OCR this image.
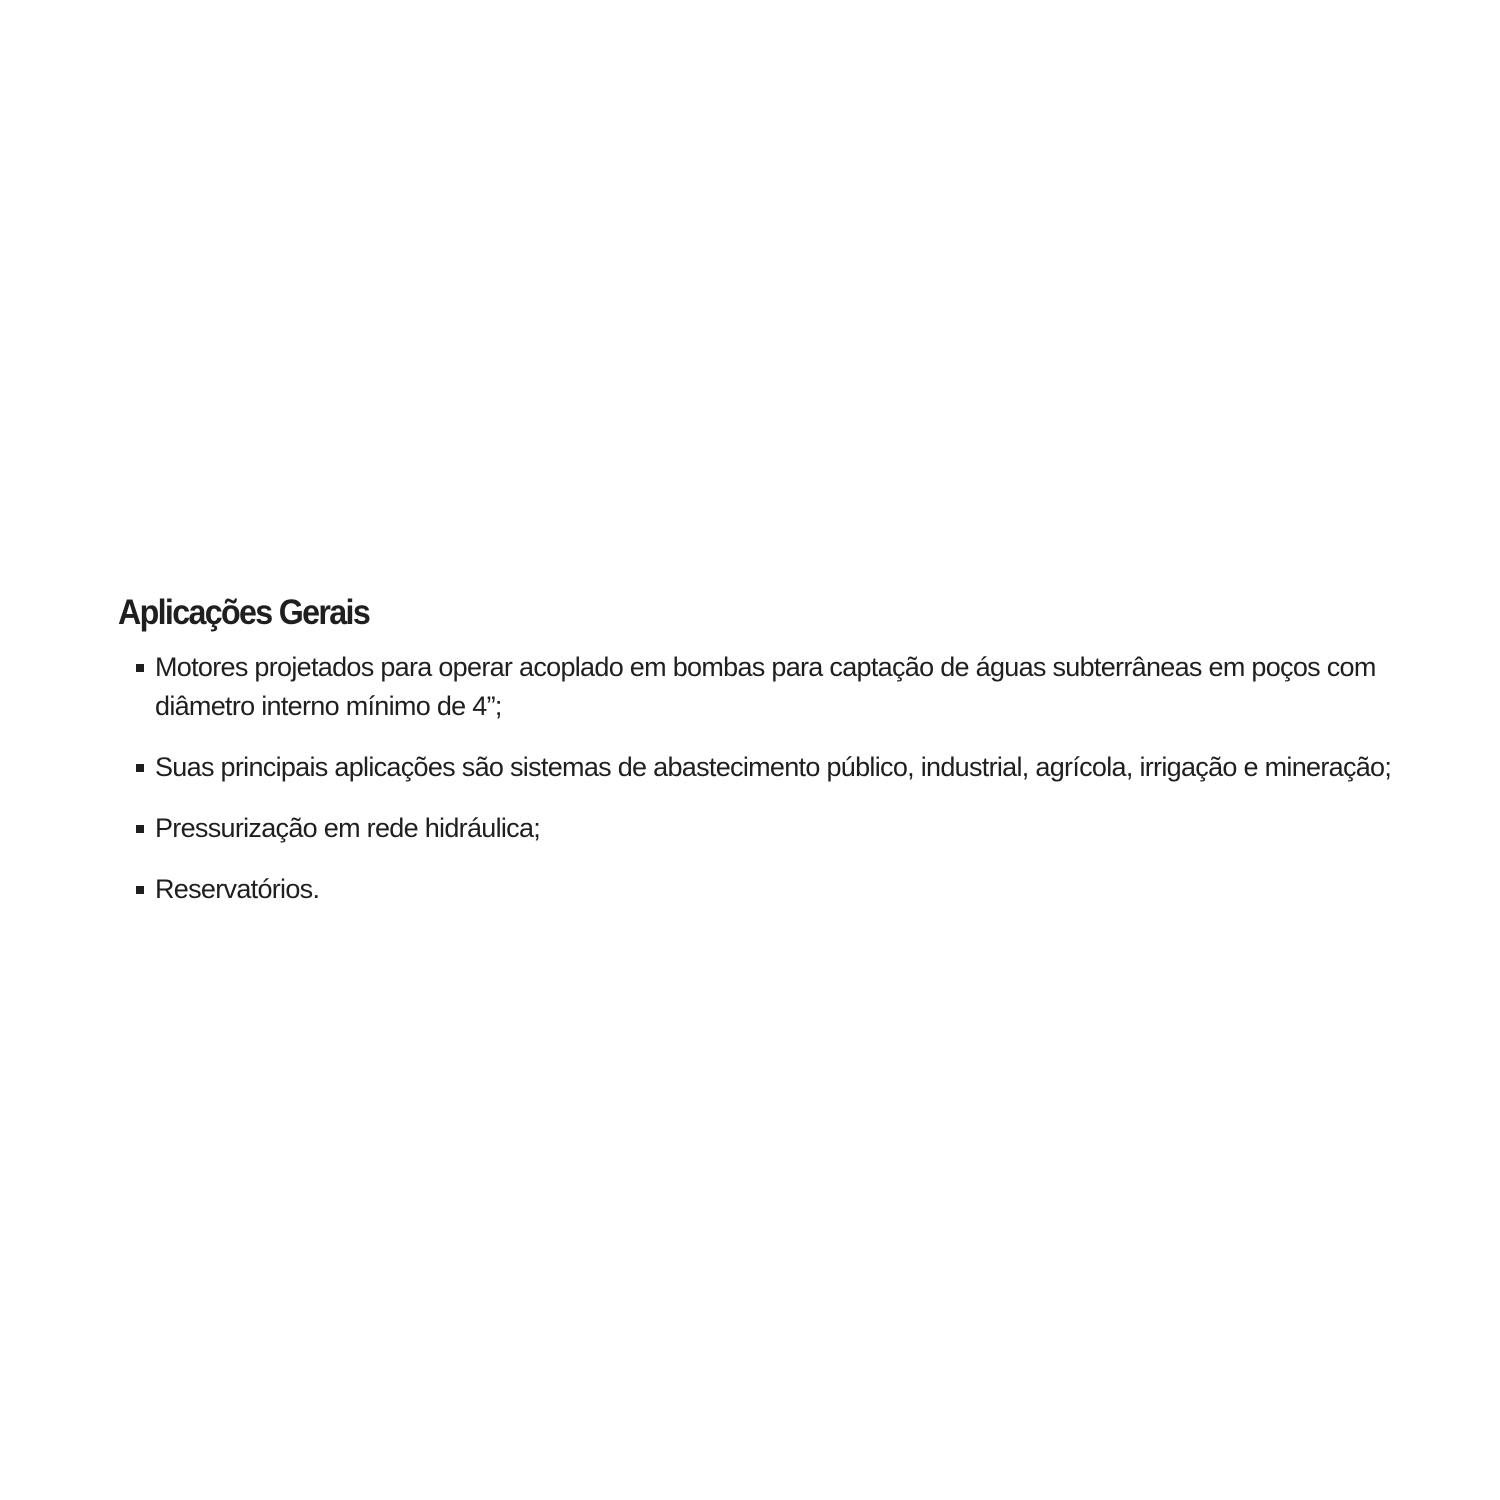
Aplicações Gerais
Motores projetados para operar acoplado em bombas para captação de águas subterrâneas em poços com diâmetro interno mínimo de 4”;
Suas principais aplicações são sistemas de abastecimento público, industrial, agrícola, irrigação e mineração;
Pressurização em rede hidráulica;
Reservatórios.
